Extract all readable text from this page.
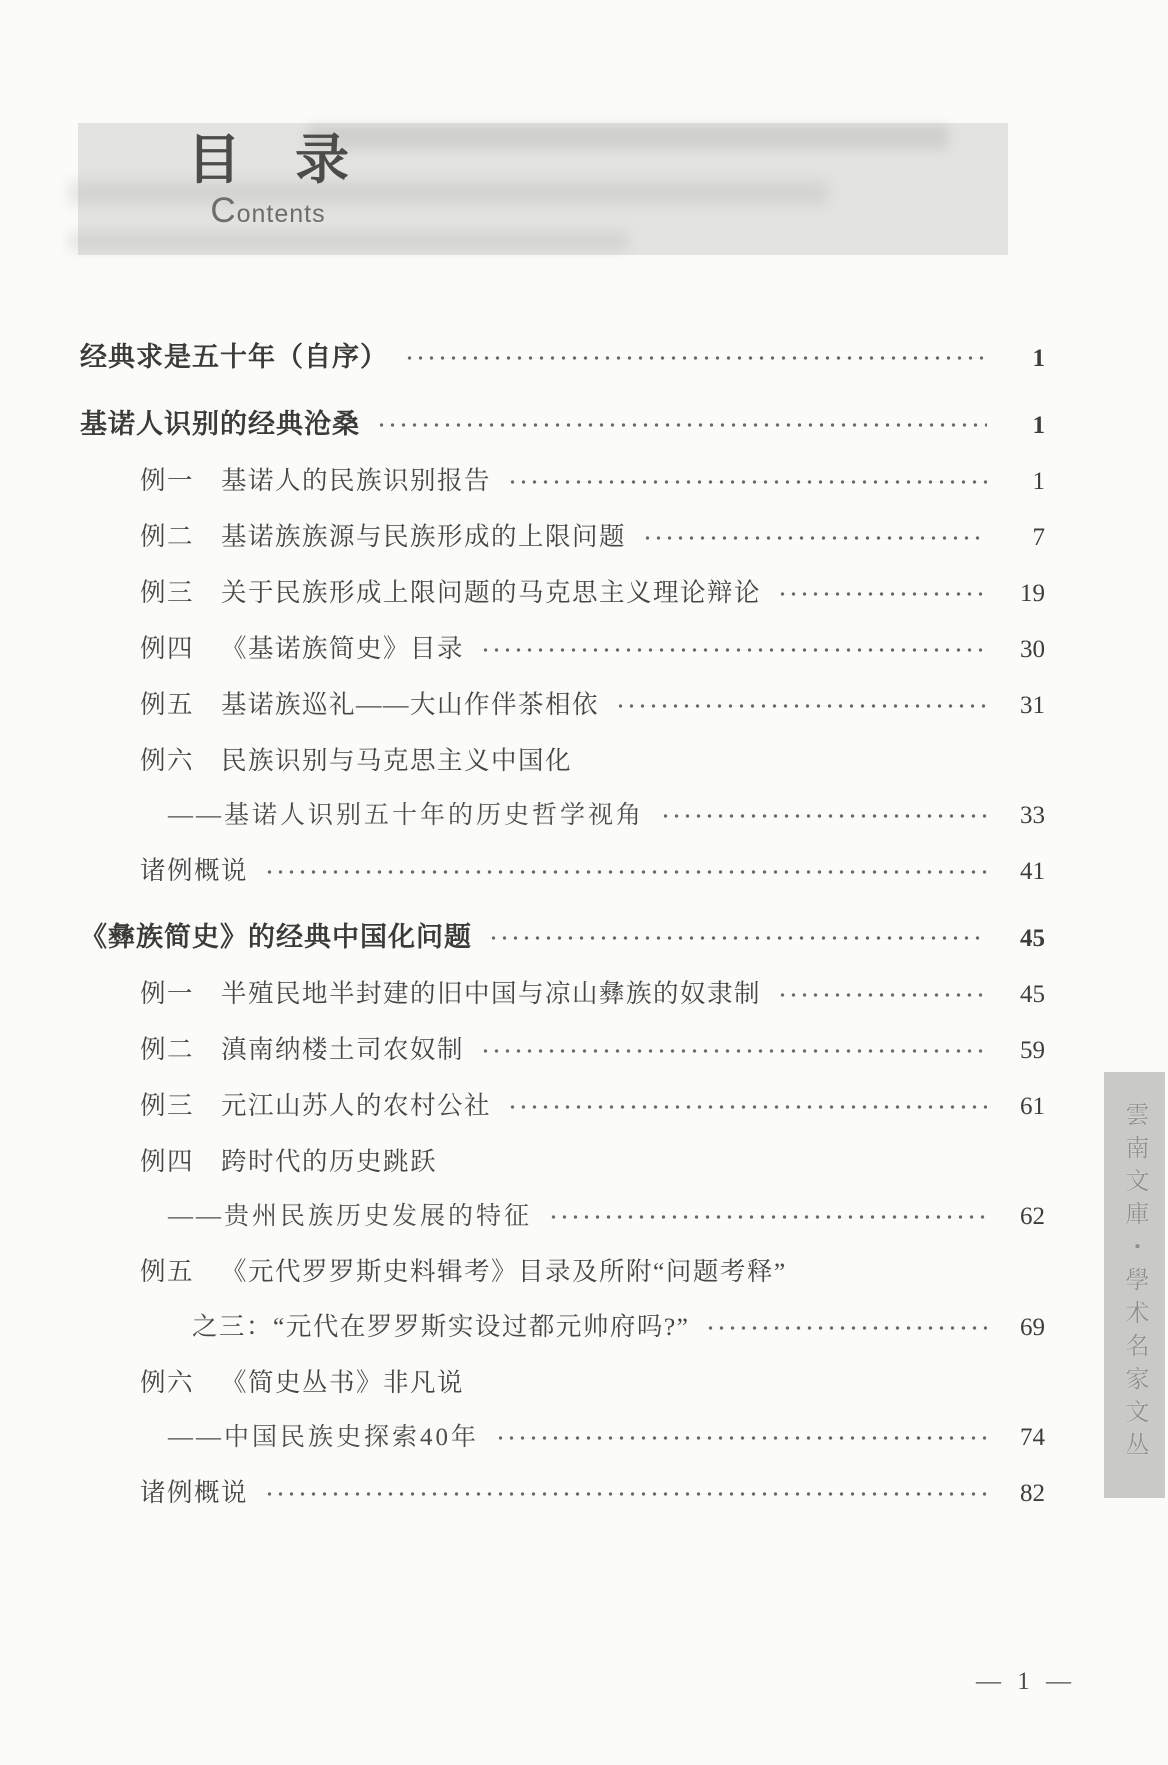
目　录
Contents
经典求是五十年（自序）	1
基诺人识别的经典沧桑	1
例一 基诺人的民族识别报告	1
例二 基诺族族源与民族形成的上限问题	7
例三 关于民族形成上限问题的马克思主义理论辩论	19
例四 《基诺族简史》目录	30
例五 基诺族巡礼——大山作伴茶相依	31
例六 民族识别与马克思主义中国化
——基诺人识别五十年的历史哲学视角	33
诸例概说	41
《彝族简史》的经典中国化问题	45
例一 半殖民地半封建的旧中国与凉山彝族的奴隶制	45
例二 滇南纳楼土司农奴制	59
例三 元江山苏人的农村公社	61
例四 跨时代的历史跳跃
——贵州民族历史发展的特征	62
例五 《元代罗罗斯史料辑考》目录及所附“问题考释”
之三：“元代在罗罗斯实设过都元帅府吗?”	69
例六 《简史丛书》非凡说
——中国民族史探索40年	74
诸例概说	82
雲南文庫・學术名家文丛
— 1 —
